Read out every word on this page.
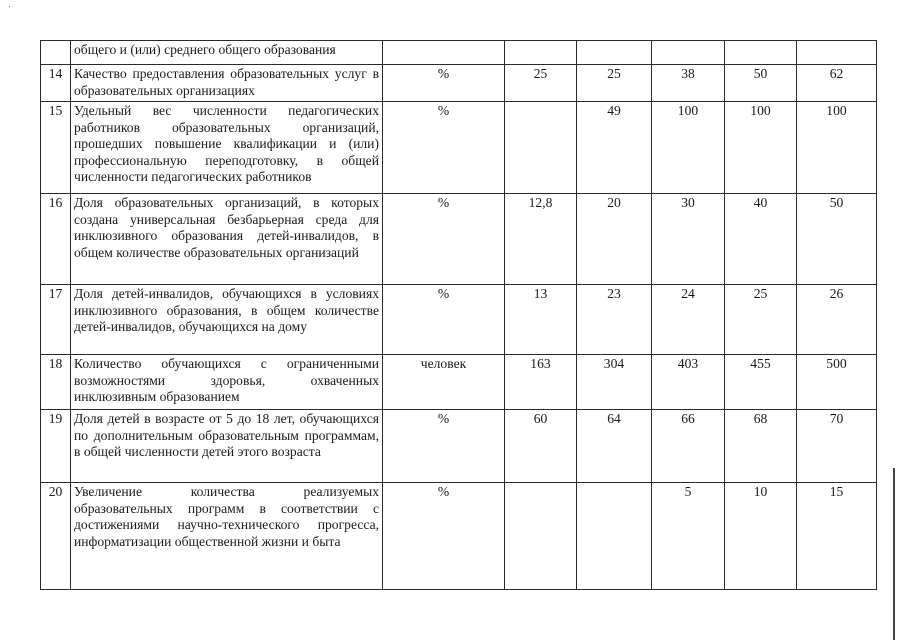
	общего и (или) среднего общего образования						
14	Качество предоставления образовательных услуг в образовательных организациях	%	25	25	38	50	62
15	Удельный вес численности педагогических работников образовательных организаций, прошедших повышение квалификации и (или) профессиональную переподготовку, в общей численности педагогических работников	%		49	100	100	100
16	Доля образовательных организаций, в которых создана универсальная безбарьерная среда для инклюзивного образования детей-инвалидов, в общем количестве образовательных организаций	%	12,8	20	30	40	50
17	Доля детей-инвалидов, обучающихся в условиях инклюзивного образования, в общем количестве детей-инвалидов, обучающихся на дому	%	13	23	24	25	26
18	Количество обучающихся с ограниченными возможностями здоровья, охваченных инклюзивным образованием	человек	163	304	403	455	500
19	Доля детей в возрасте от 5 до 18 лет, обучающихся по дополнительным образовательным программам, в общей численности детей этого возраста	%	60	64	66	68	70
20	Увеличение количества реализуемых образовательных программ в соответствии с достижениями научно-технического прогресса, информатизации общественной жизни и быта	%			5	10	15
